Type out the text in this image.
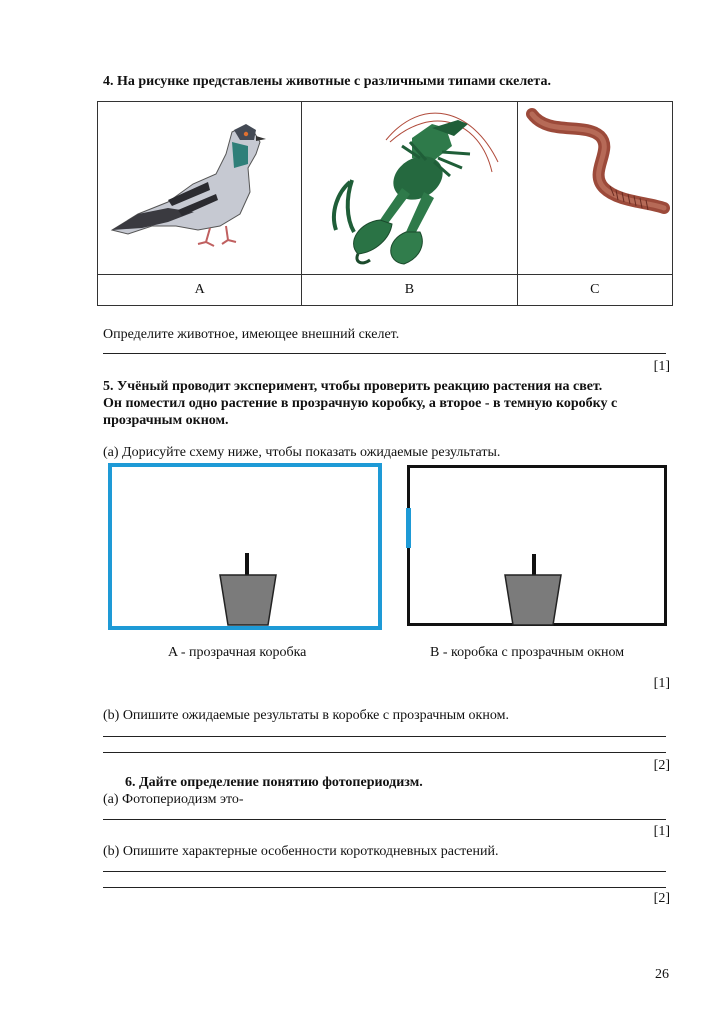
4. На рисунке представлены животные с различными типами скелета.

A	B	C
Определите животное, имеющее внешний скелет.
[1]
5. Учёный проводит эксперимент, чтобы проверить реакцию растения на свет.
Он поместил одно растение в прозрачную коробку, а второе - в темную коробку с
прозрачным окном.
(a) Дорисуйте схему ниже, чтобы показать ожидаемые результаты.
A - прозрачная коробка	B - коробка с прозрачным окном
[1]
(b) Опишите ожидаемые результаты в коробке с прозрачным окном.
[2]
6. Дайте определение понятию фотопериодизм.
(a) Фотопериодизм это-
[1]
(b) Опишите характерные особенности короткодневных растений.
[2]
26
